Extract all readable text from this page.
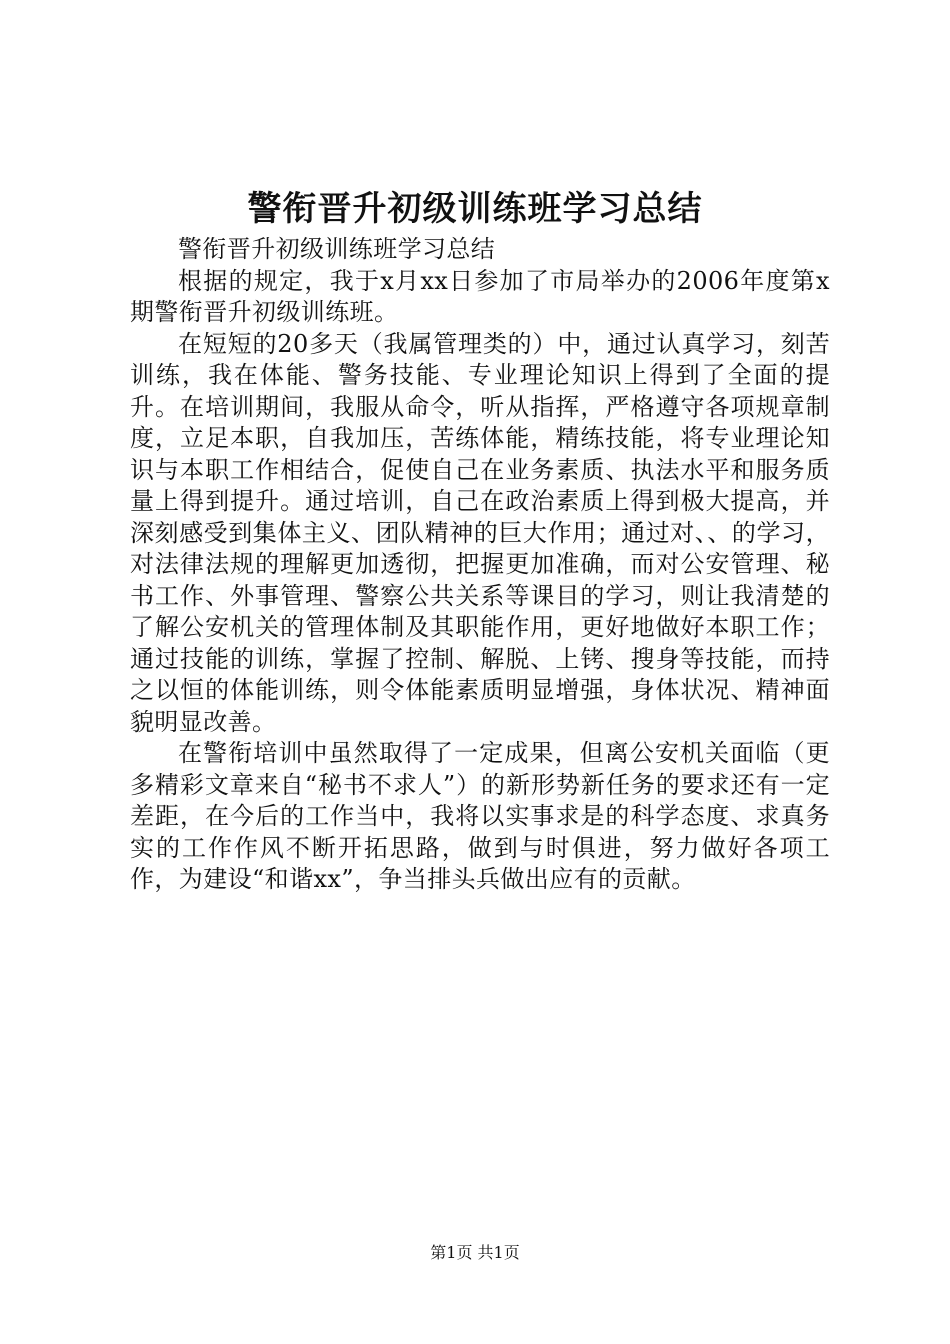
警衔晋升初级训练班学习总结

警衔晋升初级训练班学习总结

根据的规定，我于x月xx日参加了市局举办的2006年度第x期警衔晋升初级训练班。

在短短的20多天（我属管理类的）中，通过认真学习，刻苦训练，我在体能、警务技能、专业理论知识上得到了全面的提升。在培训期间，我服从命令，听从指挥，严格遵守各项规章制度，立足本职，自我加压，苦练体能，精练技能，将专业理论知识与本职工作相结合，促使自己在业务素质、执法水平和服务质量上得到提升。通过培训，自己在政治素质上得到极大提高，并深刻感受到集体主义、团队精神的巨大作用；通过对、、的学习，对法律法规的理解更加透彻，把握更加准确，而对公安管理、秘书工作、外事管理、警察公共关系等课目的学习，则让我清楚的了解公安机关的管理体制及其职能作用，更好地做好本职工作；通过技能的训练，掌握了控制、解脱、上铐、搜身等技能，而持之以恒的体能训练，则令体能素质明显增强，身体状况、精神面貌明显改善。

在警衔培训中虽然取得了一定成果，但离公安机关面临（更多精彩文章来自“秘书不求人”）的新形势新任务的要求还有一定差距，在今后的工作当中，我将以实事求是的科学态度、求真务实的工作作风不断开拓思路，做到与时俱进，努力做好各项工作，为建设“和谐xx”，争当排头兵做出应有的贡献。

第1页 共1页
